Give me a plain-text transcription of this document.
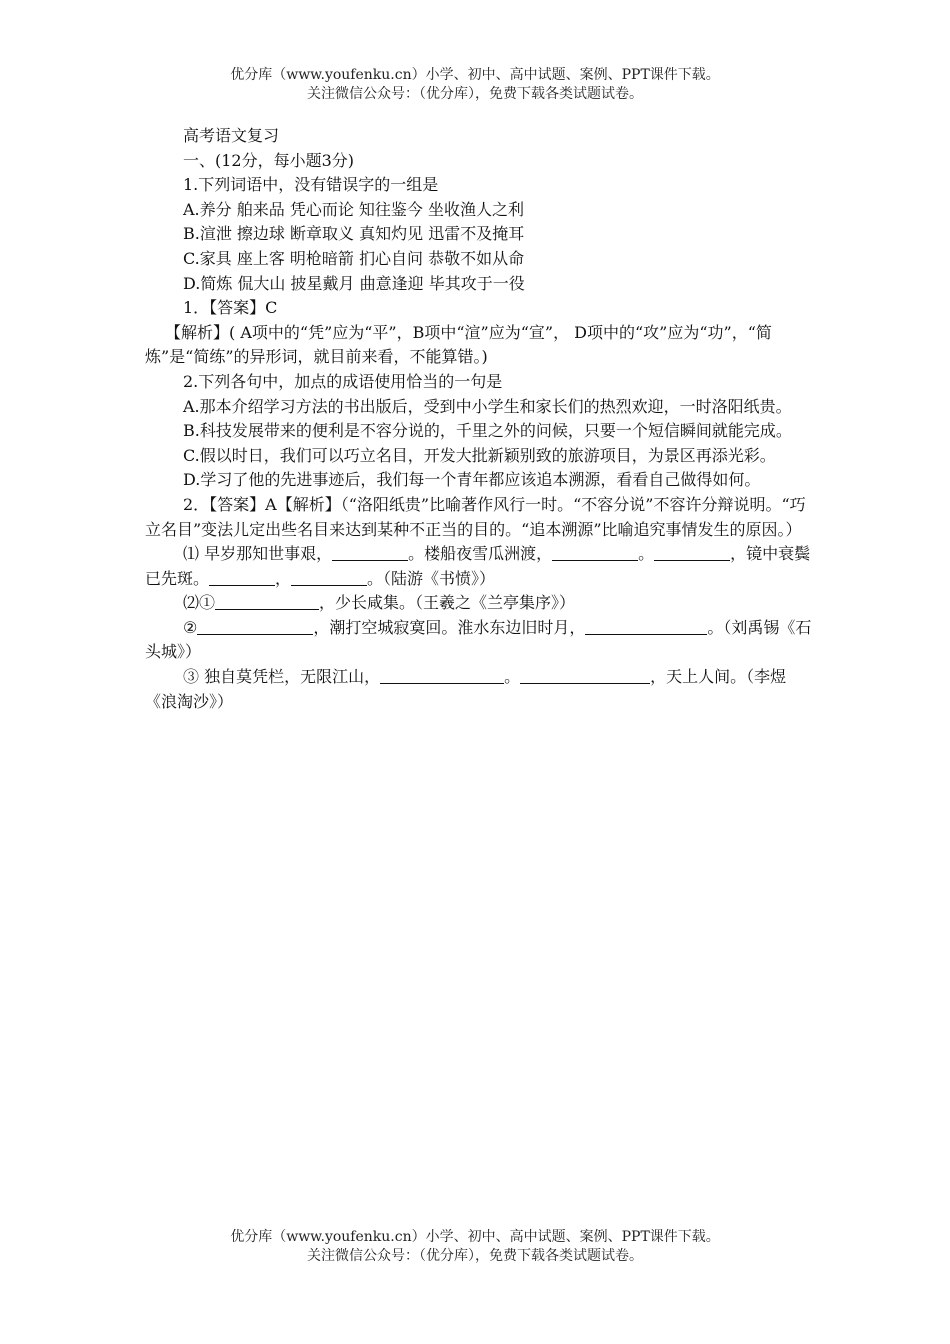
优分库（www.youfenku.cn）小学、初中、高中试题、案例、PPT课件下载。
关注微信公众号：（优分库），免费下载各类试题试卷。

高考语文复习

一、(12分，每小题3分)

1.下列词语中，没有错误字的一组是

A.养分 舶来品 凭心而论 知往鉴今 坐收渔人之利

B.渲泄 擦边球 断章取义 真知灼见 迅雷不及掩耳

C.家具 座上客 明枪暗箭 扪心自问 恭敬不如从命

D.简炼 侃大山 披星戴月 曲意逢迎 毕其攻于一役

1．【答案】C

【解析】( A项中的“凭”应为“平”，B项中“渲”应为“宣”， D项中的“攻”应为“功”，“简炼”是“简练”的异形词，就目前来看，不能算错。)

2.下列各句中，加点的成语使用恰当的一句是

A.那本介绍学习方法的书出版后，受到中小学生和家长们的热烈欢迎，一时洛阳纸贵。

B.科技发展带来的便利是不容分说的，千里之外的问候，只要一个短信瞬间就能完成。

C.假以时日，我们可以巧立名目，开发大批新颖别致的旅游项目，为景区再添光彩。

D.学习了他的先进事迹后，我们每一个青年都应该追本溯源，看看自己做得如何。

2．【答案】A【解析】（“洛阳纸贵”比喻著作风行一时。“不容分说”不容许分辩说明。“巧立名目”变法儿定出些名目来达到某种不正当的目的。“追本溯源”比喻追究事情发生的原因。）

⑴ 早岁那知世事艰，	。楼船夜雪瓜洲渡，	。	，镜中衰鬓已先斑。	，	。（陆游《书愤》）

⑵①	，少长咸集。（王羲之《兰亭集序》）

②	，潮打空城寂寞回。淮水东边旧时月，	。（刘禹锡《石头城》）

③ 独自莫凭栏，无限江山，	。	，天上人间。（李煜《浪淘沙》）

优分库（www.youfenku.cn）小学、初中、高中试题、案例、PPT课件下载。
关注微信公众号：（优分库），免费下载各类试题试卷。
